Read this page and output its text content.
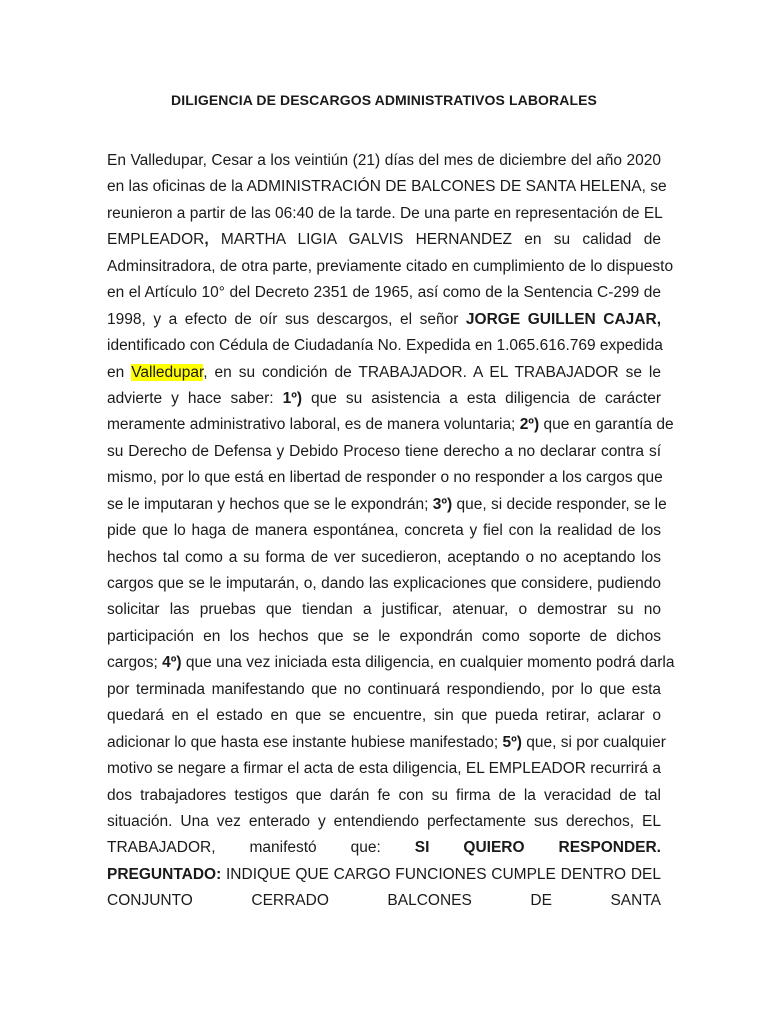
DILIGENCIA DE DESCARGOS ADMINISTRATIVOS LABORALES
En Valledupar, Cesar a los veintiún (21) días del mes de diciembre del año 2020
en las oficinas de la ADMINISTRACIÓN DE BALCONES DE SANTA HELENA, se
reunieron a partir de las 06:40 de la tarde. De una parte en representación de EL
EMPLEADOR, MARTHA LIGIA GALVIS HERNANDEZ en su calidad de
Adminsitradora, de otra parte, previamente citado en cumplimiento de lo dispuesto
en el Artículo 10° del Decreto 2351 de 1965, así como de la Sentencia C-299 de
1998, y a efecto de oír sus descargos, el señor JORGE GUILLEN CAJAR,
identificado con Cédula de Ciudadanía No. Expedida en 1.065.616.769 expedida
en Valledupar, en su condición de TRABAJADOR. A EL TRABAJADOR se le
advierte y hace saber: 1º) que su asistencia a esta diligencia de carácter
meramente administrativo laboral, es de manera voluntaria; 2º) que en garantía de
su Derecho de Defensa y Debido Proceso tiene derecho a no declarar contra sí
mismo, por lo que está en libertad de responder o no responder a los cargos que
se le imputaran y hechos que se le expondrán; 3º) que, si decide responder, se le
pide que lo haga de manera espontánea, concreta y fiel con la realidad de los
hechos tal como a su forma de ver sucedieron, aceptando o no aceptando los
cargos que se le imputarán, o, dando las explicaciones que considere, pudiendo
solicitar las pruebas que tiendan a justificar, atenuar, o demostrar su no
participación en los hechos que se le expondrán como soporte de dichos
cargos; 4º) que una vez iniciada esta diligencia, en cualquier momento podrá darla
por terminada manifestando que no continuará respondiendo, por lo que esta
quedará en el estado en que se encuentre, sin que pueda retirar, aclarar o
adicionar lo que hasta ese instante hubiese manifestado; 5º) que, si por cualquier
motivo se negare a firmar el acta de esta diligencia, EL EMPLEADOR recurrirá a
dos trabajadores testigos que darán fe con su firma de la veracidad de tal
situación. Una vez enterado y entendiendo perfectamente sus derechos, EL
TRABAJADOR, manifestó que: SI QUIERO RESPONDER.
PREGUNTADO: INDIQUE QUE CARGO FUNCIONES CUMPLE DENTRO DEL
CONJUNTO CERRADO BALCONES DE SANTA
